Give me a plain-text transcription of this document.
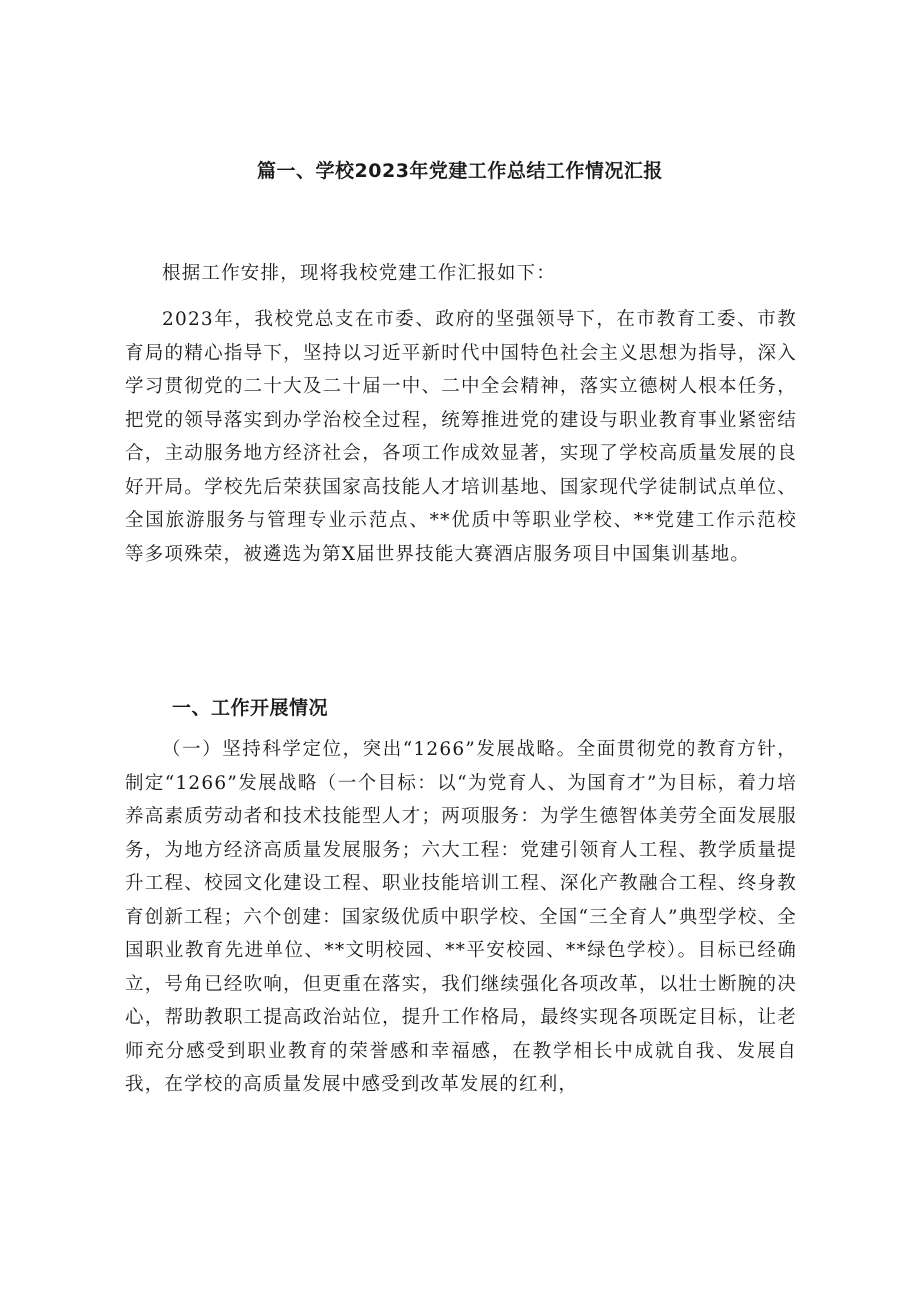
篇一、学校2023年党建工作总结工作情况汇报

根据工作安排，现将我校党建工作汇报如下：

2023年，我校党总支在市委、政府的坚强领导下，在市教育工委、市教育局的精心指导下，坚持以习近平新时代中国特色社会主义思想为指导，深入学习贯彻党的二十大及二十届一中、二中全会精神，落实立德树人根本任务，把党的领导落实到办学治校全过程，统筹推进党的建设与职业教育事业紧密结合，主动服务地方经济社会，各项工作成效显著，实现了学校高质量发展的良好开局。学校先后荣获国家高技能人才培训基地、国家现代学徒制试点单位、全国旅游服务与管理专业示范点、**优质中等职业学校、**党建工作示范校等多项殊荣，被遴选为第X届世界技能大赛酒店服务项目中国集训基地。

一、工作开展情况

（一）坚持科学定位，突出“1266”发展战略。全面贯彻党的教育方针，制定“1266”发展战略（一个目标：以“为党育人、为国育才”为目标，着力培养高素质劳动者和技术技能型人才；两项服务：为学生德智体美劳全面发展服务，为地方经济高质量发展服务；六大工程：党建引领育人工程、教学质量提升工程、校园文化建设工程、职业技能培训工程、深化产教融合工程、终身教育创新工程；六个创建：国家级优质中职学校、全国“三全育人”典型学校、全国职业教育先进单位、**文明校园、**平安校园、**绿色学校）。目标已经确立，号角已经吹响，但更重在落实，我们继续强化各项改革，以壮士断腕的决心，帮助教职工提高政治站位，提升工作格局，最终实现各项既定目标，让老师充分感受到职业教育的荣誉感和幸福感，在教学相长中成就自我、发展自我，在学校的高质量发展中感受到改革发展的红利，
